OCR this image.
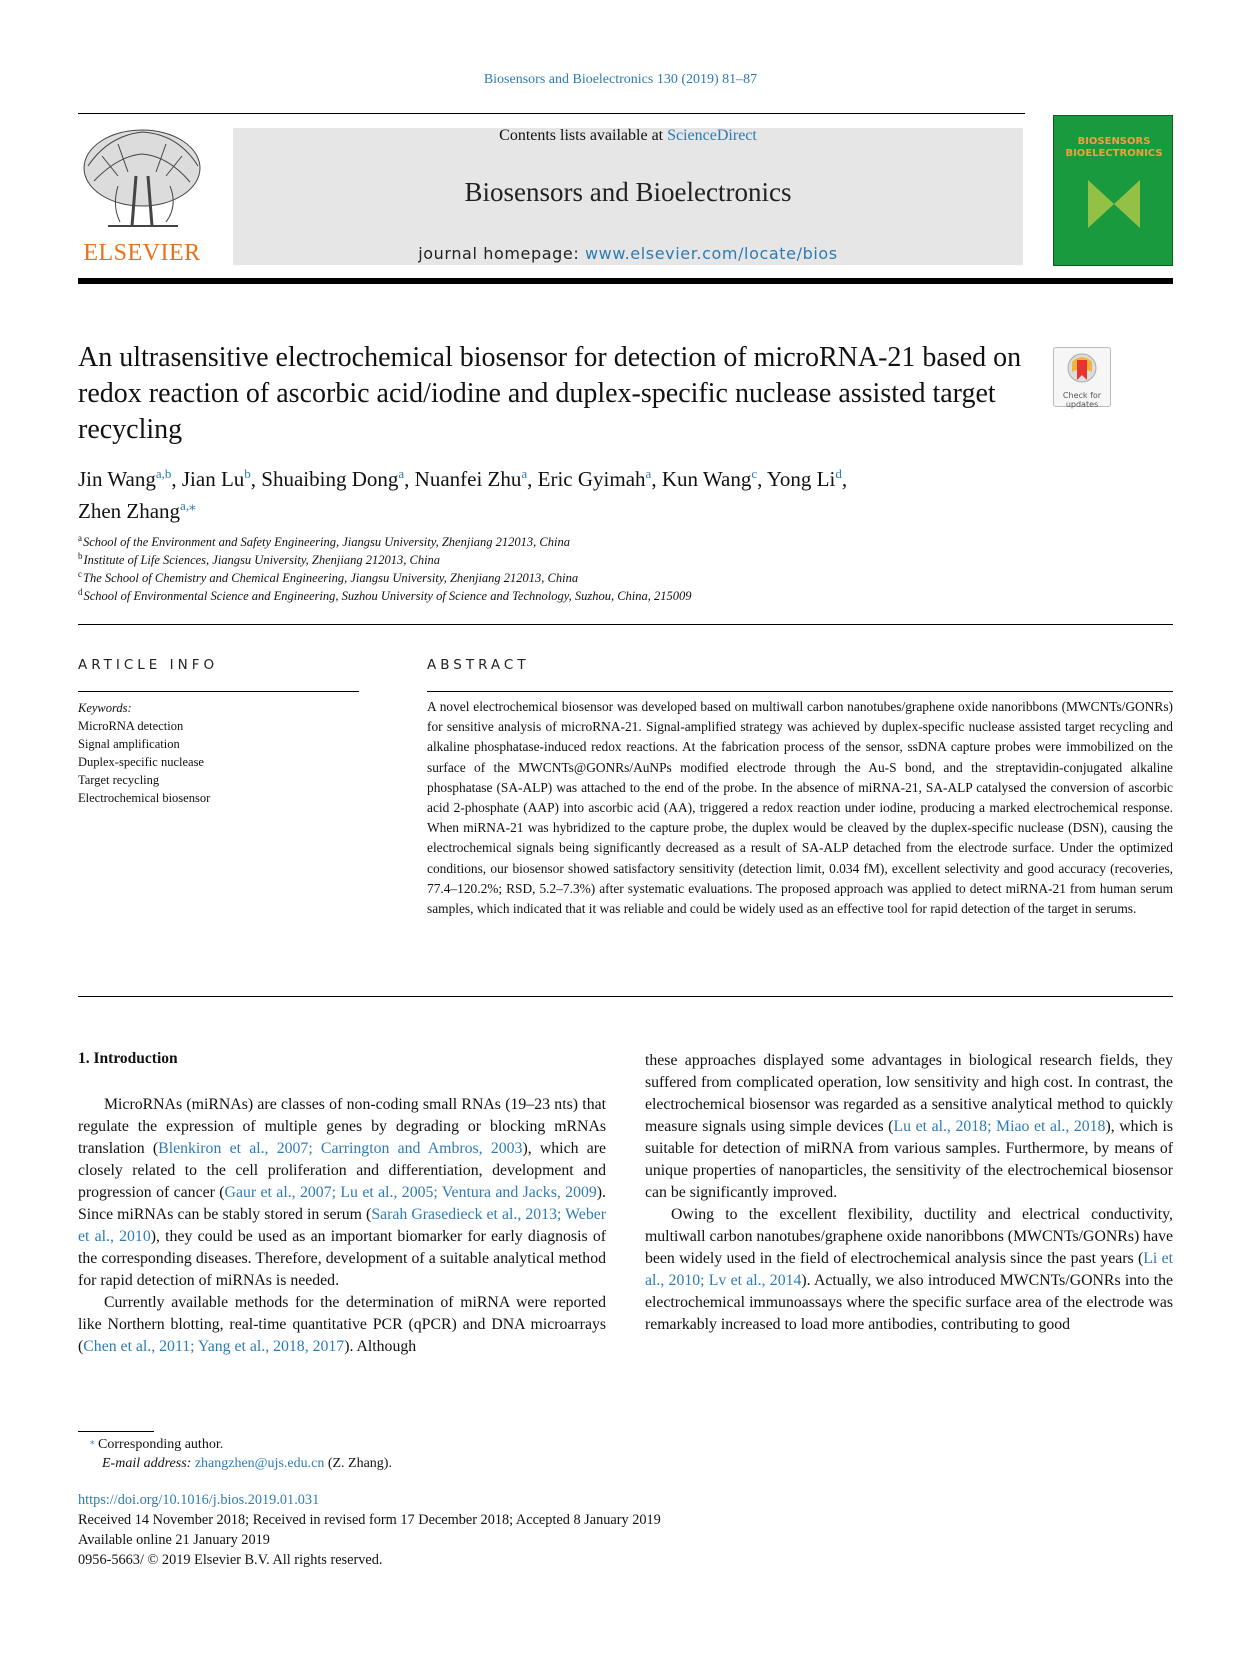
Biosensors and Bioelectronics 130 (2019) 81–87
ELSEVIER
Contents lists available at ScienceDirect
Biosensors and Bioelectronics
journal homepage: www.elsevier.com/locate/bios
BIOSENSORS
BIOELECTRONICS
An ultrasensitive electrochemical biosensor for detection of microRNA-21 based on redox reaction of ascorbic acid/iodine and duplex-specific nuclease assisted target recycling
Check for
updates
Jin Wang$^{a,b}$, Jian Lu$^b$, Shuaibing Dong$^a$, Nuanfei Zhu$^a$, Eric Gyimah$^a$, Kun Wang$^c$, Yong Li$^d$,
Zhen Zhang$^{a,⁎}$
$^a$School of the Environment and Safety Engineering, Jiangsu University, Zhenjiang 212013, China
$^b$Institute of Life Sciences, Jiangsu University, Zhenjiang 212013, China
$^c$The School of Chemistry and Chemical Engineering, Jiangsu University, Zhenjiang 212013, China
$^d$School of Environmental Science and Engineering, Suzhou University of Science and Technology, Suzhou, China, 215009
ARTICLE INFO	ABSTRACT
Keywords:
MicroRNA detection
Signal amplification
Duplex-specific nuclease
Target recycling
Electrochemical biosensor
A novel electrochemical biosensor was developed based on multiwall carbon nanotubes/graphene oxide nanoribbons (MWCNTs/GONRs) for sensitive analysis of microRNA-21. Signal-amplified strategy was achieved by duplex-specific nuclease assisted target recycling and alkaline phosphatase-induced redox reactions. At the fabrication process of the sensor, ssDNA capture probes were immobilized on the surface of the MWCNTs@GONRs/AuNPs modified electrode through the Au-S bond, and the streptavidin-conjugated alkaline phosphatase (SA-ALP) was attached to the end of the probe. In the absence of miRNA-21, SA-ALP catalysed the conversion of ascorbic acid 2-phosphate (AAP) into ascorbic acid (AA), triggered a redox reaction under iodine, producing a marked electrochemical response. When miRNA-21 was hybridized to the capture probe, the duplex would be cleaved by the duplex-specific nuclease (DSN), causing the electrochemical signals being significantly decreased as a result of SA-ALP detached from the electrode surface. Under the optimized conditions, our biosensor showed satisfactory sensitivity (detection limit, 0.034 fM), excellent selectivity and good accuracy (recoveries, 77.4–120.2%; RSD, 5.2–7.3%) after systematic evaluations. The proposed approach was applied to detect miRNA-21 from human serum samples, which indicated that it was reliable and could be widely used as an effective tool for rapid detection of the target in serums.
1. Introduction

MicroRNAs (miRNAs) are classes of non-coding small RNAs (19–23 nts) that regulate the expression of multiple genes by degrading or blocking mRNAs translation (Blenkiron et al., 2007; Carrington and Ambros, 2003), which are closely related to the cell proliferation and differentiation, development and progression of cancer (Gaur et al., 2007; Lu et al., 2005; Ventura and Jacks, 2009). Since miRNAs can be stably stored in serum (Sarah Grasedieck et al., 2013; Weber et al., 2010), they could be used as an important biomarker for early diagnosis of the corresponding diseases. Therefore, development of a suitable analytical method for rapid detection of miRNAs is needed.

Currently available methods for the determination of miRNA were reported like Northern blotting, real-time quantitative PCR (qPCR) and DNA microarrays (Chen et al., 2011; Yang et al., 2018, 2017). Although

these approaches displayed some advantages in biological research fields, they suffered from complicated operation, low sensitivity and high cost. In contrast, the electrochemical biosensor was regarded as a sensitive analytical method to quickly measure signals using simple devices (Lu et al., 2018; Miao et al., 2018), which is suitable for detection of miRNA from various samples. Furthermore, by means of unique properties of nanoparticles, the sensitivity of the electrochemical biosensor can be significantly improved.

Owing to the excellent flexibility, ductility and electrical conductivity, multiwall carbon nanotubes/graphene oxide nanoribbons (MWCNTs/GONRs) have been widely used in the field of electrochemical analysis since the past years (Li et al., 2010; Lv et al., 2014). Actually, we also introduced MWCNTs/GONRs into the electrochemical immunoassays where the specific surface area of the electrode was remarkably increased to load more antibodies, contributing to good

⁎ Corresponding author.
E-mail address: zhangzhen@ujs.edu.cn (Z. Zhang).
https://doi.org/10.1016/j.bios.2019.01.031
Received 14 November 2018; Received in revised form 17 December 2018; Accepted 8 January 2019
Available online 21 January 2019
0956-5663/ © 2019 Elsevier B.V. All rights reserved.
